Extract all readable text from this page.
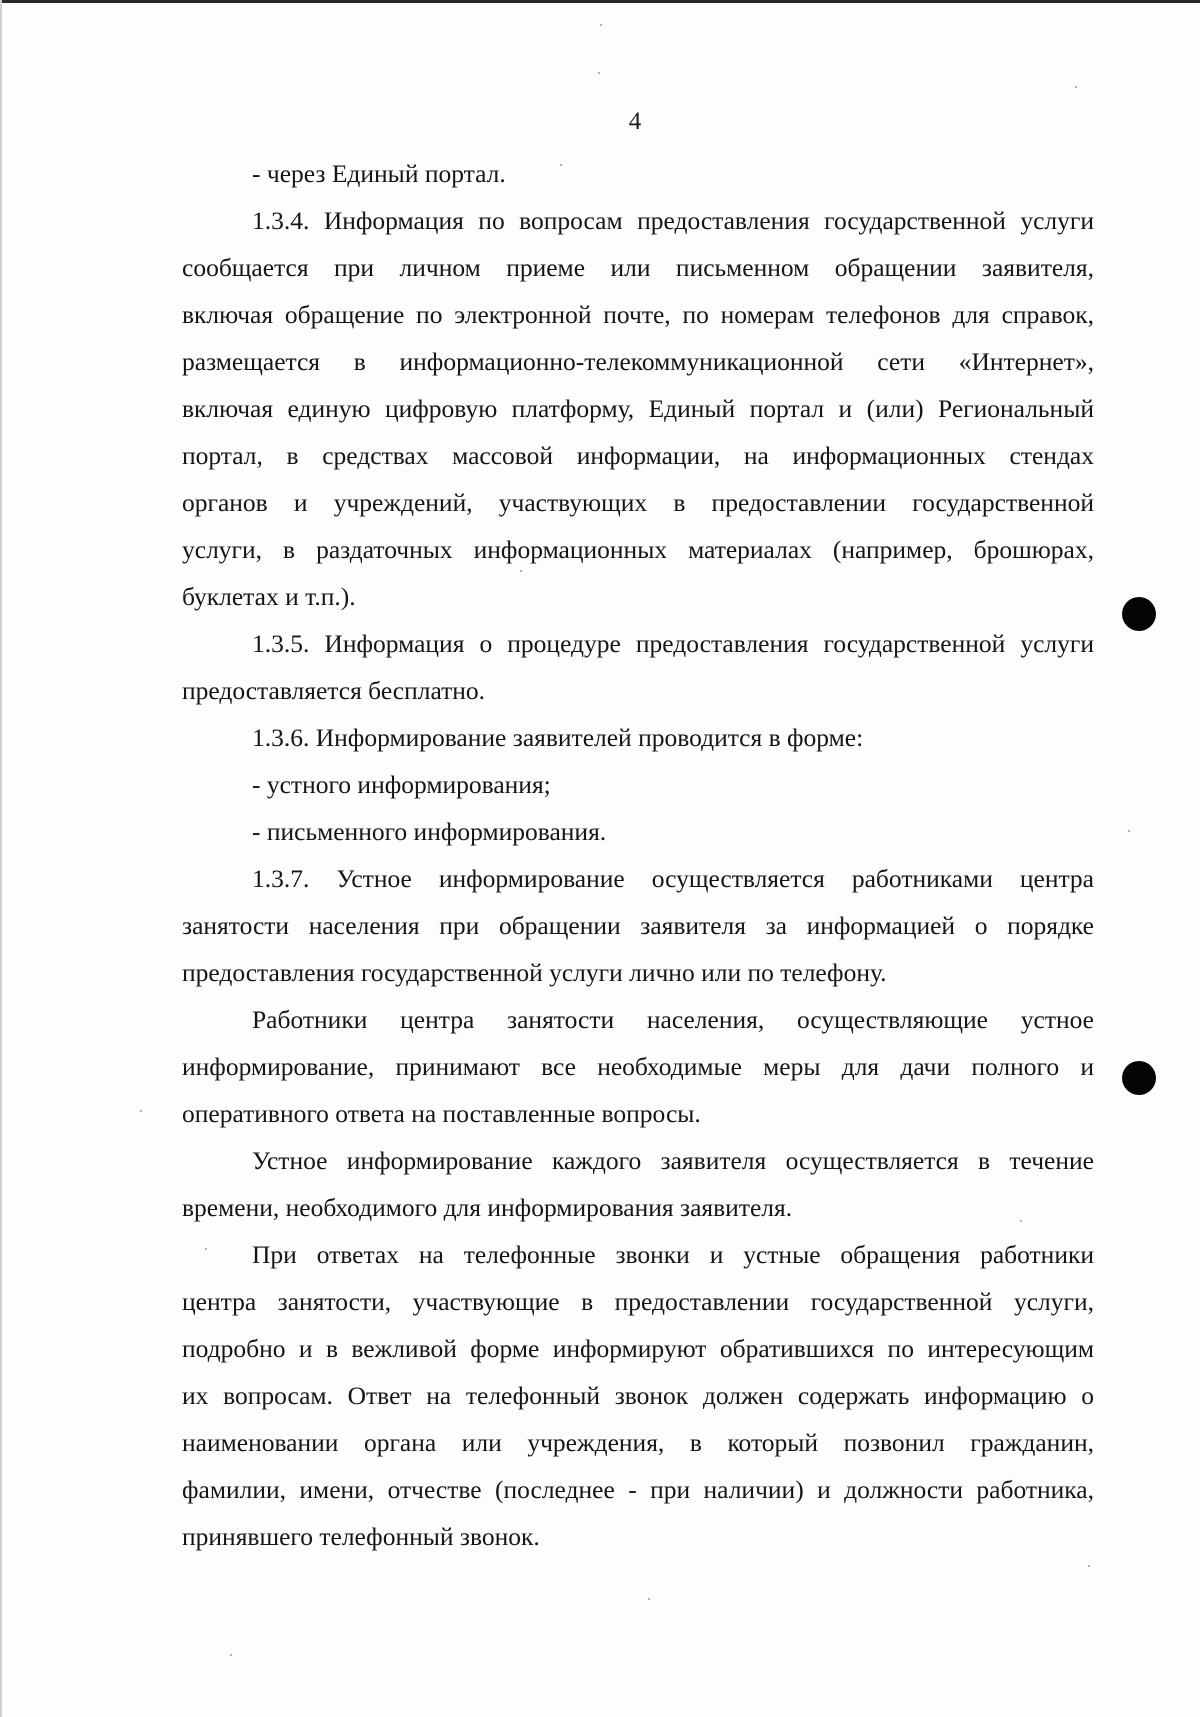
4
- через Единый портал.
1.3.4. Информация по вопросам предоставления государственной услуги
сообщается при личном приеме или письменном обращении заявителя,
включая обращение по электронной почте, по номерам телефонов для справок,
размещается в информационно-телекоммуникационной сети «Интернет»,
включая единую цифровую платформу, Единый портал и (или) Региональный
портал, в средствах массовой информации, на информационных стендах
органов и учреждений, участвующих в предоставлении государственной
услуги, в раздаточных информационных материалах (например, брошюрах,
буклетах и т.п.).
1.3.5. Информация о процедуре предоставления государственной услуги
предоставляется бесплатно.
1.3.6. Информирование заявителей проводится в форме:
- устного информирования;
- письменного информирования.
1.3.7. Устное информирование осуществляется работниками центра
занятости населения при обращении заявителя за информацией о порядке
предоставления государственной услуги лично или по телефону.
Работники центра занятости населения, осуществляющие устное
информирование, принимают все необходимые меры для дачи полного и
оперативного ответа на поставленные вопросы.
Устное информирование каждого заявителя осуществляется в течение
времени, необходимого для информирования заявителя.
При ответах на телефонные звонки и устные обращения работники
центра занятости, участвующие в предоставлении государственной услуги,
подробно и в вежливой форме информируют обратившихся по интересующим
их вопросам. Ответ на телефонный звонок должен содержать информацию о
наименовании органа или учреждения, в который позвонил гражданин,
фамилии, имени, отчестве (последнее - при наличии) и должности работника,
принявшего телефонный звонок.
